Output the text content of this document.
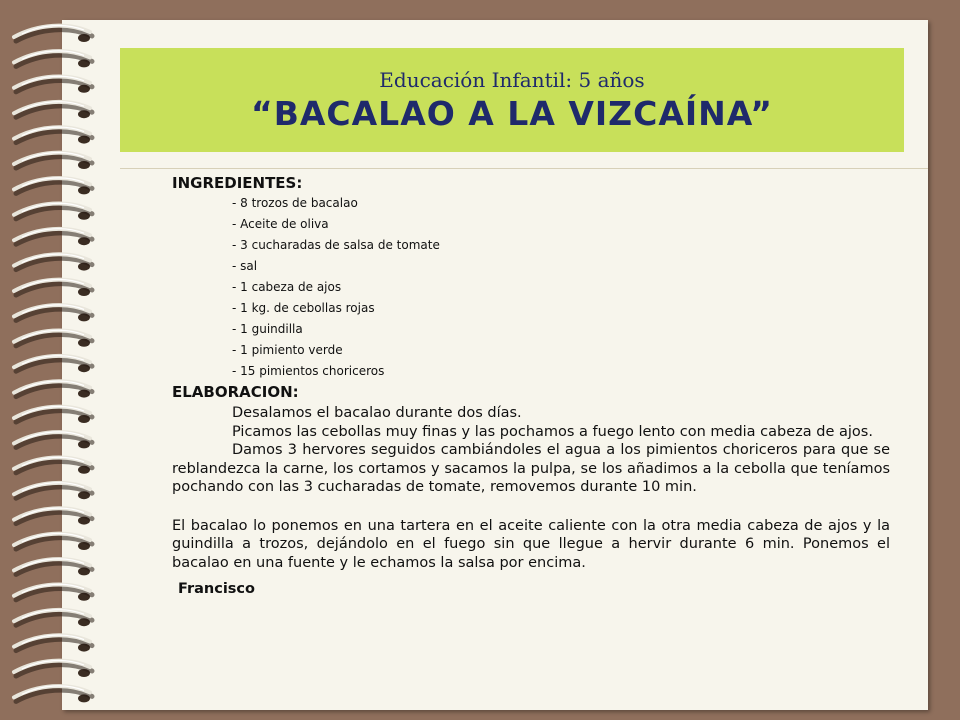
Educación Infantil: 5 años
“BACALAO A LA VIZCAÍNA”
INGREDIENTES:
- 8 trozos de bacalao
- Aceite de oliva
- 3 cucharadas de salsa de tomate
- sal
- 1 cabeza de ajos
- 1 kg. de cebollas rojas
- 1 guindilla
- 1 pimiento verde
- 15 pimientos choriceros
ELABORACION:

Desalamos el bacalao durante dos días.

Picamos las cebollas muy finas y las pochamos a fuego lento con media cabeza de ajos.

Damos 3 hervores seguidos cambiándoles el agua a los pimientos choriceros para que se reblandezca la carne, los cortamos y sacamos la pulpa, se los añadimos a la cebolla que teníamos pochando con las 3 cucharadas de tomate, removemos durante 10 min.

El bacalao lo ponemos en una tartera en el aceite caliente con la otra media cabeza de ajos y la guindilla a trozos, dejándolo en el fuego sin que llegue a hervir durante 6 min. Ponemos el bacalao en una fuente y le echamos la salsa por encima.

Francisco
